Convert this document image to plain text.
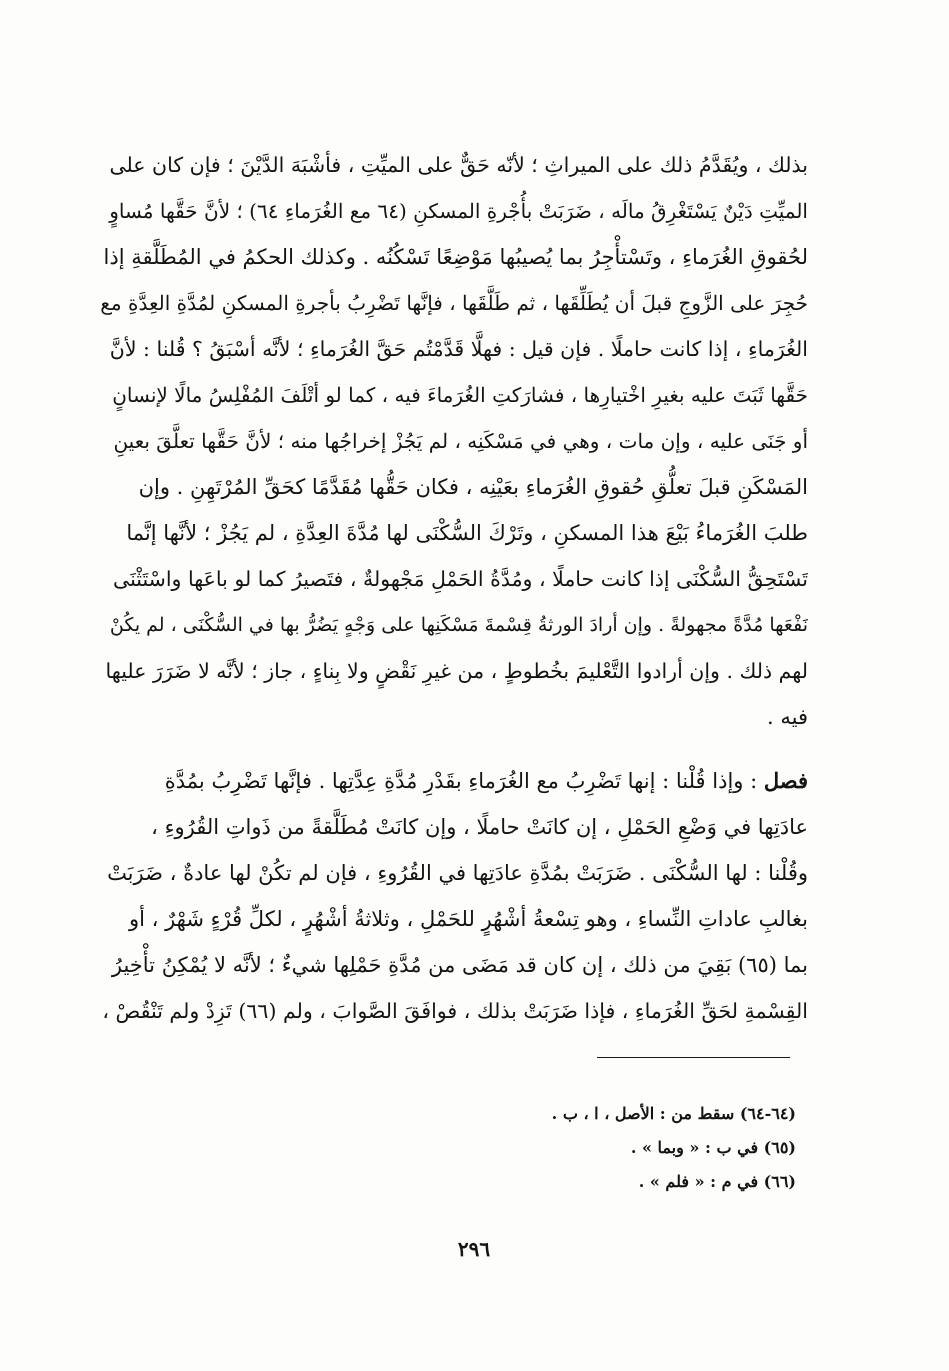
بذلك ، ويُقَدَّمُ ذلك على الميراثِ ؛ لأنّه حَقٌّ على الميِّتِ ، فأشْبَهَ الدَّيْنَ ؛ فإن كان على
الميِّتِ دَيْنٌ يَسْتَغْرِقُ مالَه ، ضَرَبَتْ بأُجْرةِ المسكنِ (٦٤ مع الغُرَماءِ ٦٤) ؛ لأنَّ حَقَّها مُساوٍ
لحُقوقِ الغُرَماءِ ، وتَسْتأْجِرُ بما يُصيبُها مَوْضِعًا تَسْكُنُه . وكذلك الحكمُ في المُطَلَّقةِ إذا
حُجِرَ على الزَّوجِ قبلَ أن يُطَلِّقَها ، ثم طَلَّقَها ، فإنَّها تَضْرِبُ بأجرةِ المسكنِ لمُدَّةِ العِدَّةِ مع
الغُرَماءِ ، إذا كانت حاملًا . فإن قيل : فهلَّا قَدَّمْتُم حَقَّ الغُرَماءِ ؛ لأنَّه أسْبَقُ ؟ قُلنا : لأنَّ
حَقَّها ثَبَتَ عليه بغيرِ اخْتيارِها ، فشارَكتِ الغُرَماءَ فيه ، كما لو أتْلَفَ المُفْلِسُ مالًا لإنسانٍ
أو جَنَى عليه ، وإن مات ، وهي في مَسْكَنِه ، لم يَجُزْ إخراجُها منه ؛ لأنَّ حَقَّها تعلَّقَ بعينِ
المَسْكَنِ قبلَ تعلُّقِ حُقوقِ الغُرَماءِ بعَيْنِه ، فكان حَقُّها مُقَدَّمًا كحَقِّ المُرْتَهِنِ . وإن
طلبَ الغُرَماءُ بَيْعَ هذا المسكنِ ، وتَرْكَ السُّكْنَى لها مُدَّةَ العِدَّةِ ، لم يَجُزْ ؛ لأنَّها إنَّما
تَسْتَحِقُّ السُّكْنَى إذا كانت حاملًا ، ومُدَّةُ الحَمْلِ مَجْهولةٌ ، فتَصيرُ كما لو باعَها واسْتَثْنَى
نَفْعَها مُدَّةً مجهولةً . وإن أرادَ الورثةُ قِسْمةَ مَسْكَنِها على وَجْهٍ يَضُرُّ بها في السُّكْنَى ، لم يكُنْ
لهم ذلك . وإن أرادوا التَّعْليمَ بخُطوطٍ ، من غيرِ نَقْضٍ ولا بِناءٍ ، جاز ؛ لأنَّه لا ضَرَرَ عليها
فيه .
فصل : وإذا قُلْنا : إنها تَضْرِبُ مع الغُرَماءِ بقَدْرِ مُدَّةِ عِدَّتِها . فإنَّها تَضْرِبُ بمُدَّةِ
عادَتِها في وَضْعِ الحَمْلِ ، إن كانَتْ حاملًا ، وإن كانَتْ مُطَلَّقةً من ذَواتِ القُرُوءِ ،
وقُلْنا : لها السُّكْنَى . ضَرَبَتْ بمُدَّةِ عادَتِها في القُرُوءِ ، فإن لم تكُنْ لها عادةٌ ، ضَرَبَتْ
بغالبِ عاداتِ النِّساءِ ، وهو تِسْعةُ أشْهُرٍ للحَمْلِ ، وثلاثةُ أشْهُرٍ ، لكلِّ قُرْءٍ شَهْرٌ ، أو
بما (٦٥) بَقِيَ من ذلك ، إن كان قد مَضَى من مُدَّةِ حَمْلِها شيءٌ ؛ لأنَّه لا يُمْكِنُ تأْخِيرُ
القِسْمةِ لحَقِّ الغُرَماءِ ، فإذا ضَرَبَتْ بذلك ، فوافَقَ الصَّوابَ ، ولم (٦٦) تَزِدْ ولم تَنْقُصْ ،
(٦٤-٦٤) سقط من : الأصل ، ا ، ب .
(٦٥) في ب : « وبما » .
(٦٦) في م : « فلم » .
٢٩٦
